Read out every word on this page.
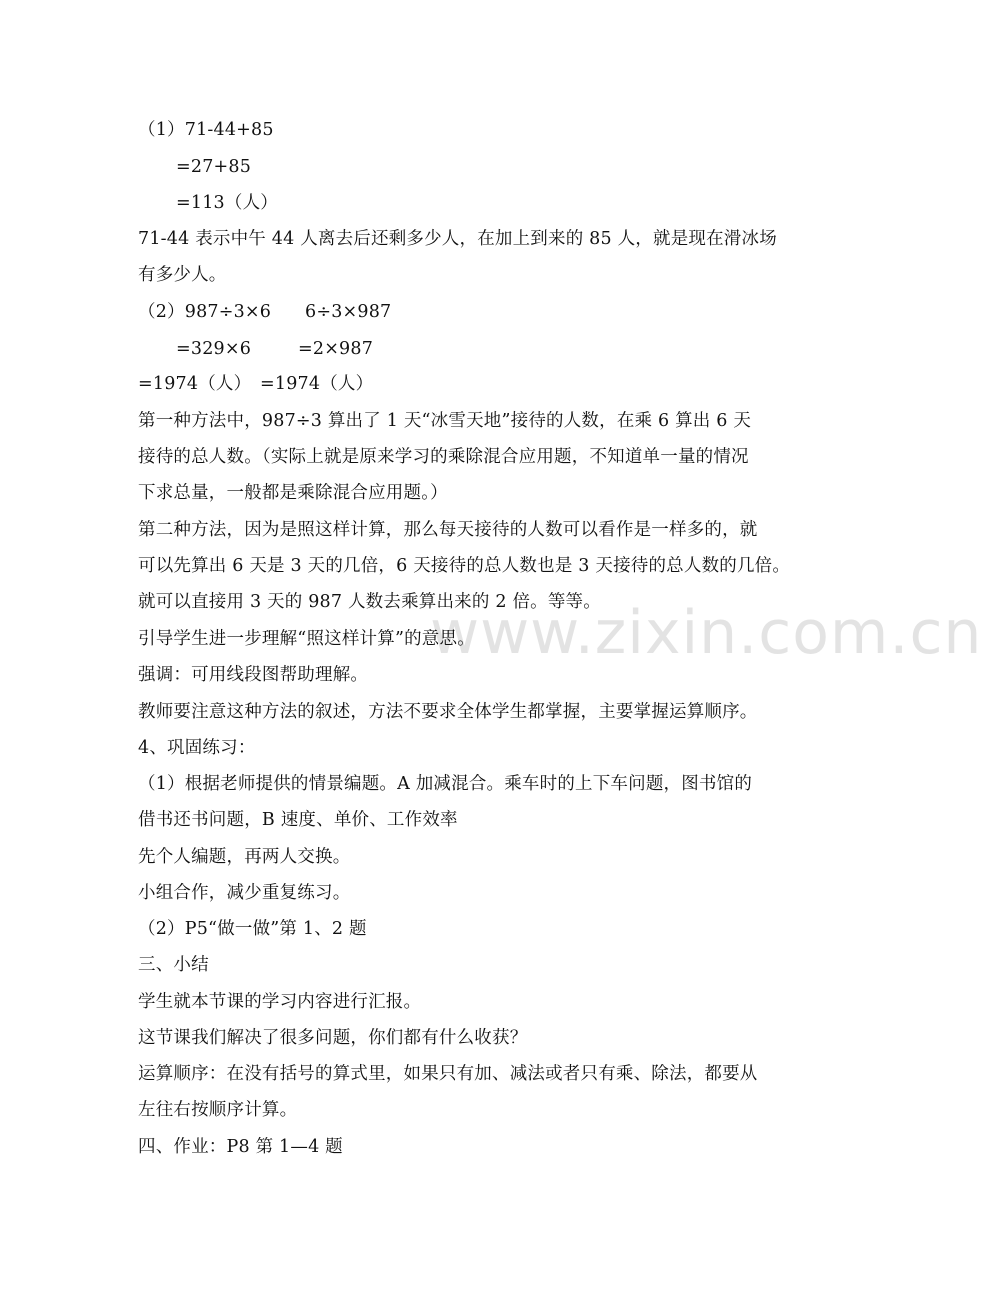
www.zixin.com.cn
（1）71-44+85
=27+85
=113（人）
71-44 表示中午 44 人离去后还剩多少人，在加上到来的 85 人，就是现在滑冰场
有多少人。
（2）987÷3×6 6÷3×987
=329×6	=2×987
=1974（人） =1974（人）
第一种方法中，987÷3 算出了 1 天“冰雪天地”接待的人数，在乘 6 算出 6 天
接待的总人数。（实际上就是原来学习的乘除混合应用题，不知道单一量的情况
下求总量，一般都是乘除混合应用题。）
第二种方法，因为是照这样计算，那么每天接待的人数可以看作是一样多的，就
可以先算出 6 天是 3 天的几倍，6 天接待的总人数也是 3 天接待的总人数的几倍。
就可以直接用 3 天的 987 人数去乘算出来的 2 倍。等等。
引导学生进一步理解“照这样计算”的意思。
强调：可用线段图帮助理解。
教师要注意这种方法的叙述，方法不要求全体学生都掌握，主要掌握运算顺序。
4、巩固练习：
（1）根据老师提供的情景编题。A 加减混合。乘车时的上下车问题，图书馆的
借书还书问题，B 速度、单价、工作效率
先个人编题，再两人交换。
小组合作，减少重复练习。
（2）P5“做一做”第 1、2 题
三、小结
学生就本节课的学习内容进行汇报。
这节课我们解决了很多问题，你们都有什么收获？
运算顺序：在没有括号的算式里，如果只有加、减法或者只有乘、除法，都要从
左往右按顺序计算。
四、作业：P8 第 1—4 题
